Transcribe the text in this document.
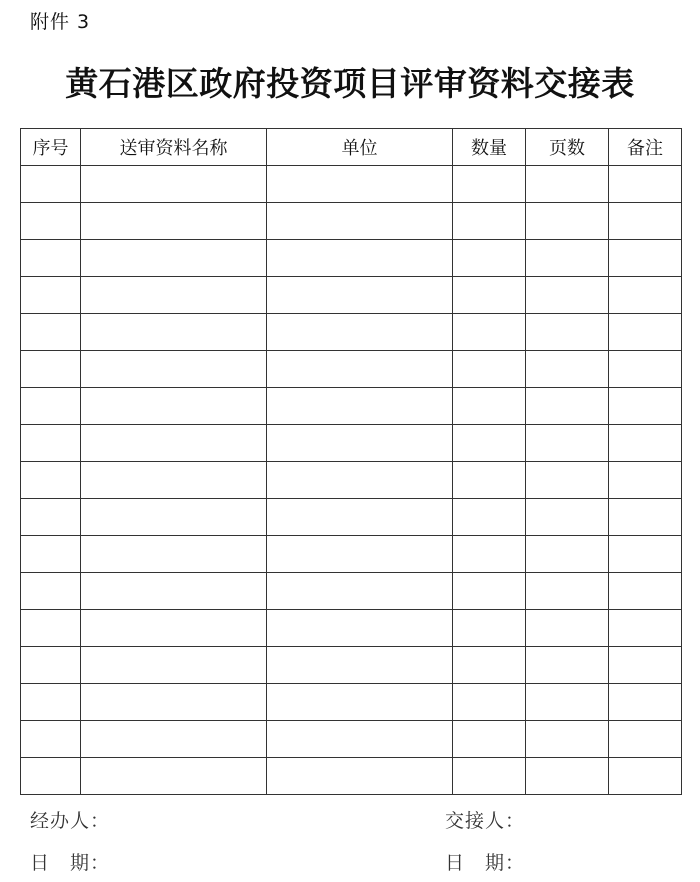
附件 3
黄石港区政府投资项目评审资料交接表
序号	送审资料名称	单位	数量	页数	备注

经办人：	交接人：
日　期：	日　期：
